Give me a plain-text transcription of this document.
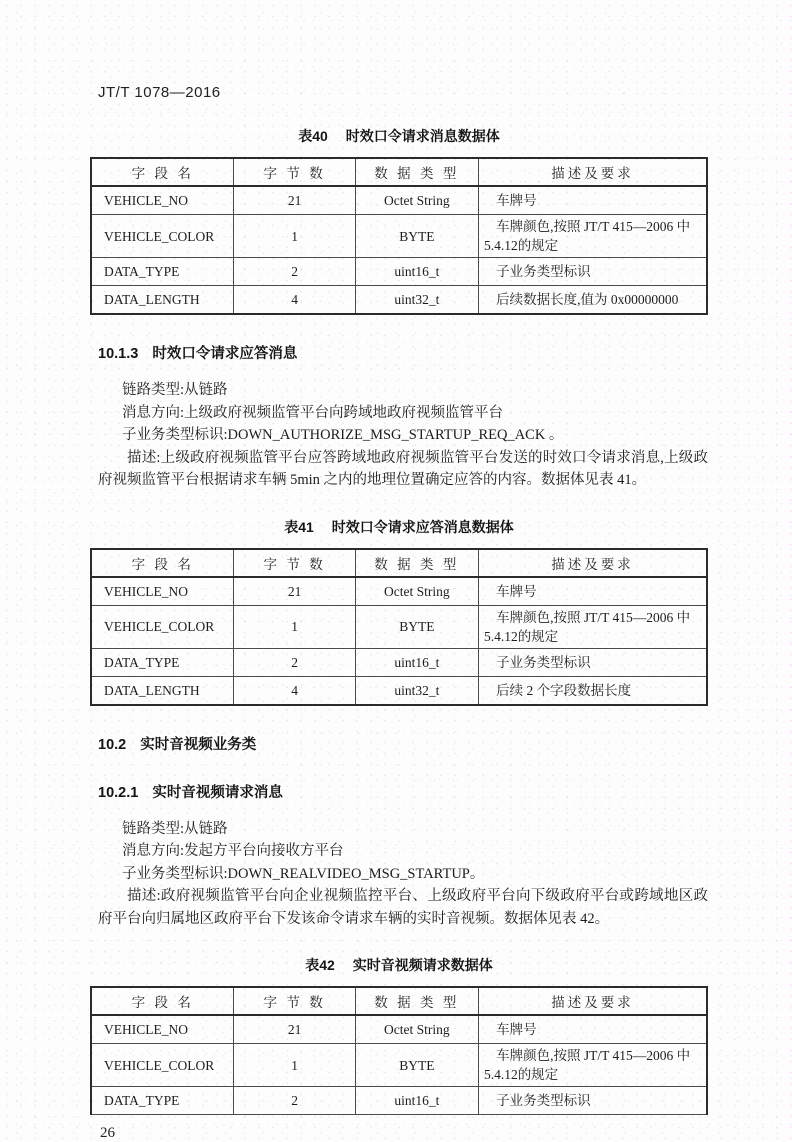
JT/T 1078—2016
表40 时效口令请求消息数据体
字 段 名	字 节 数	数 据 类 型	描述及要求
VEHICLE_NO	21	Octet String	车牌号
VEHICLE_COLOR	1	BYTE	车牌颜色,按照 JT/T 415—2006 中5.4.12的规定
DATA_TYPE	2	uint16_t	子业务类型标识
DATA_LENGTH	4	uint32_t	后续数据长度,值为 0x00000000
10.1.3 时效口令请求应答消息

链路类型:从链路

消息方向:上级政府视频监管平台向跨域地政府视频监管平台

子业务类型标识:DOWN_AUTHORIZE_MSG_STARTUP_REQ_ACK 。

描述:上级政府视频监管平台应答跨域地政府视频监管平台发送的时效口令请求消息,上级政府视频监管平台根据请求车辆 5min 之内的地理位置确定应答的内容。数据体见表 41。

表41 时效口令请求应答消息数据体
字 段 名	字 节 数	数 据 类 型	描述及要求
VEHICLE_NO	21	Octet String	车牌号
VEHICLE_COLOR	1	BYTE	车牌颜色,按照 JT/T 415—2006 中5.4.12的规定
DATA_TYPE	2	uint16_t	子业务类型标识
DATA_LENGTH	4	uint32_t	后续 2 个字段数据长度
10.2 实时音视频业务类
10.2.1 实时音视频请求消息

链路类型:从链路

消息方向:发起方平台向接收方平台

子业务类型标识:DOWN_REALVIDEO_MSG_STARTUP。

描述:政府视频监管平台向企业视频监控平台、上级政府平台向下级政府平台或跨域地区政府平台向归属地区政府平台下发该命令请求车辆的实时音视频。数据体见表 42。

表42 实时音视频请求数据体
字 段 名	字 节 数	数 据 类 型	描述及要求
VEHICLE_NO	21	Octet String	车牌号
VEHICLE_COLOR	1	BYTE	车牌颜色,按照 JT/T 415—2006 中5.4.12的规定
DATA_TYPE	2	uint16_t	子业务类型标识
26
